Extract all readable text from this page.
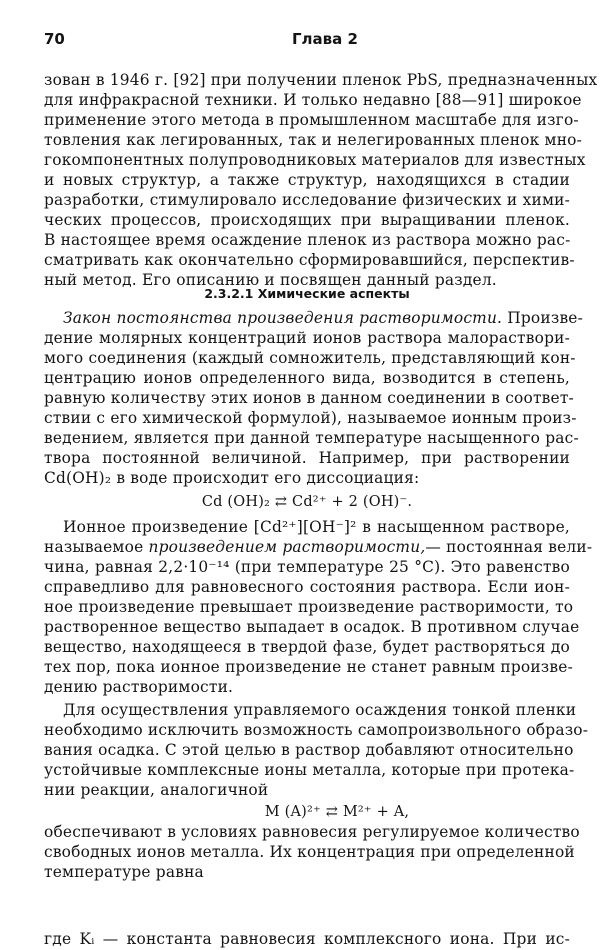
70	Глава 2
зован в 1946 г. [92] при получении пленок PbS, предназначенных
для инфракрасной техники. И только недавно [88—91] широкое
применение этого метода в промышленном масштабе для изго-
товления как легированных, так и нелегированных пленок мно-
гокомпонентных полупроводниковых материалов для известных
и новых структур, а также структур, находящихся в стадии
разработки, стимулировало исследование физических и хими-
ческих процессов, происходящих при выращивании пленок.
В настоящее время осаждение пленок из раствора можно рас-
сматривать как окончательно сформировавшийся, перспектив-
ный метод. Его описанию и посвящен данный раздел.
2.3.2.1 Химические аспекты
Закон постоянства произведения растворимости. Произве-
дение молярных концентраций ионов раствора малораствори-
мого соединения (каждый сомножитель, представляющий кон-
центрацию ионов определенного вида, возводится в степень,
равную количеству этих ионов в данном соединении в соответ-
ствии с его химической формулой), называемое ионным произ-
ведением, является при данной температуре насыщенного рас-
твора постоянной величиной. Например, при растворении
Cd(OH)₂ в воде происходит его диссоциация:
Cd (OH)₂ ⇄ Cd²⁺ + 2 (OH)⁻.
Ионное произведение [Cd²⁺][OH⁻]² в насыщенном растворе,
называемое произведением растворимости,— постоянная вели-
чина, равная 2,2·10⁻¹⁴ (при температуре 25 °C). Это равенство
справедливо для равновесного состояния раствора. Если ион-
ное произведение превышает произведение растворимости, то
растворенное вещество выпадает в осадок. В противном случае
вещество, находящееся в твердой фазе, будет растворяться до
тех пор, пока ионное произведение не станет равным произве-
дению растворимости.
Для осуществления управляемого осаждения тонкой пленки
необходимо исключить возможность самопроизвольного образо-
вания осадка. С этой целью в раствор добавляют относительно
устойчивые комплексные ионы металла, которые при протека-
нии реакции, аналогичной
M (A)²⁺ ⇄ M²⁺ + A,
обеспечивают в условиях равновесия регулируемое количество
свободных ионов металла. Их концентрация при определенной
температуре равна
где Kᵢ — константа равновесия комплексного иона. При ис-
